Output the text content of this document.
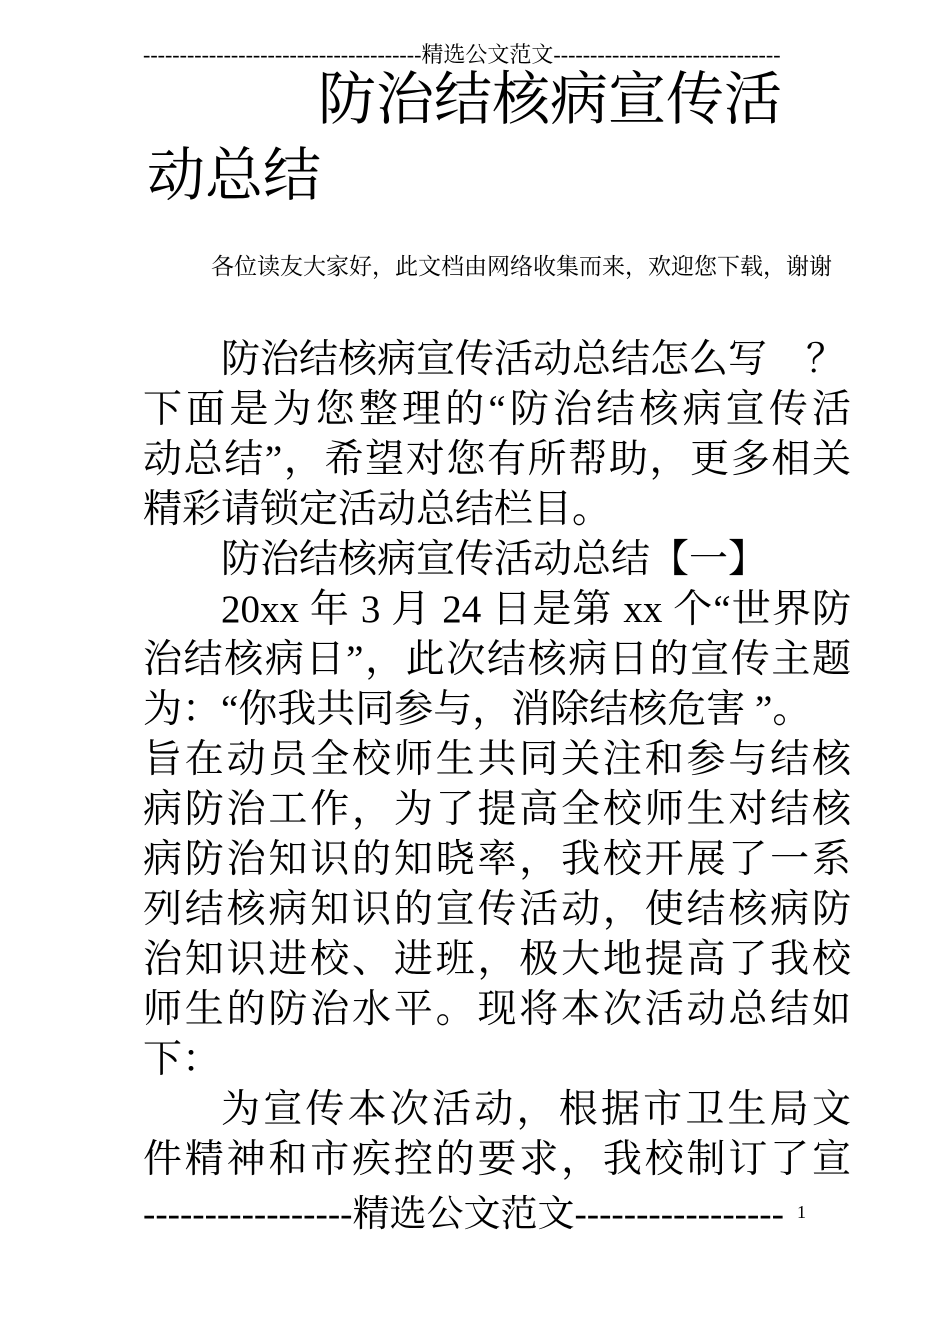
--------------------------------------精选公文范文-------------------------------
防治结核病宣传活动总结
各位读友大家好，此文档由网络收集而来，欢迎您下载，谢谢
防治结核病宣传活动总结怎么写　？
下面是为您整理的“防治结核病宣传活
动总结”，希望对您有所帮助，更多相关
精彩请锁定活动总结栏目。
防治结核病宣传活动总结【一】
20xx 年 3 月 24 日是第 xx 个“世界防
治结核病日”，此次结核病日的宣传主题
为：“你我共同参与，消除结核危害 ”。
旨在动员全校师生共同关注和参与结核
病防治工作，为了提高全校师生对结核
病防治知识的知晓率，我校开展了一系
列结核病知识的宣传活动，使结核病防
治知识进校、进班，极大地提高了我校
师生的防治水平。现将本次活动总结如
下：
为宣传本次活动，根据市卫生局文
件精神和市疾控的要求，我校制订了宣
-----------------精选公文范文----------------- 1
